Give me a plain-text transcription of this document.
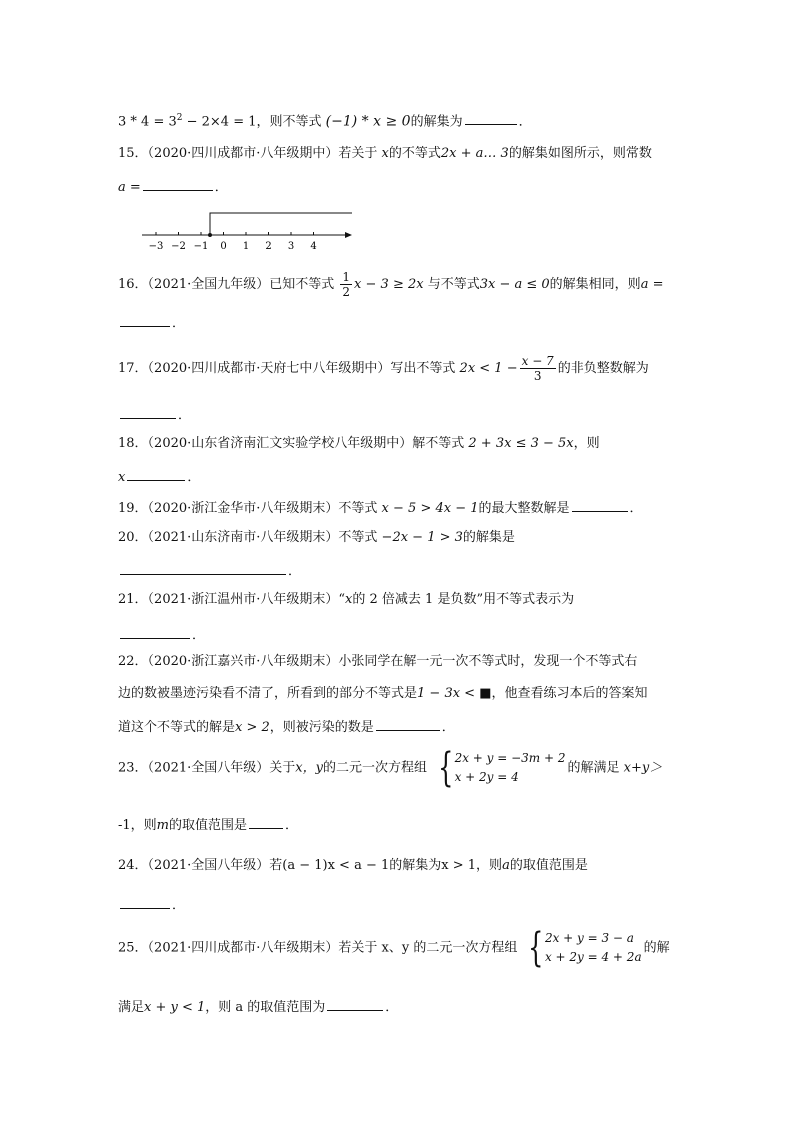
$3 * 4 = 3^2 - 2\times 4 = 1$，则不等式 (−1) * x ≥ 0的解集为	．
15．（2020·四川成都市·八年级期中）若关于 x的不等式2x + a… 3的解集如图所示，则常数
a =	．
−3 −2 −1 0 1 2 3 4
16．（2021·全国九年级）已知不等式 $\frac{1}{2}$ x − 3 ≥ 2x 与不等式3x − a ≤ 0的解集相同，则a =
．
17．（2020·四川成都市·天府七中八年级期中）写出不等式 $2x < 1 - \frac{x - 7}{3}$ 的非负整数解为
．
18．（2020·山东省济南汇文实验学校八年级期中）解不等式 2 + 3x ≤ 3 − 5x，则
x	．
19．（2020·浙江金华市·八年级期末）不等式 x − 5 > 4x − 1的最大整数解是	．
20．（2021·山东济南市·八年级期末）不等式 −2x − 1 > 3的解集是
．
21．（2021·浙江温州市·八年级期末）“x的 2 倍减去 1 是负数”用不等式表示为
．
22．（2020·浙江嘉兴市·八年级期末）小张同学在解一元一次不等式时，发现一个不等式右
边的数被墨迹污染看不清了，所看到的部分不等式是1 − 3x < ■，他查看练习本后的答案知
道这个不等式的解是x > 2，则被污染的数是	．
23．（2021·全国八年级）关于x，y的二元一次方程组 { 2x + y = −3m + 2
x + 2y = 4
的解满足 x+y＞
-1，则m的取值范围是	．
24．（2021·全国八年级）若(a − 1)x < a − 1的解集为x > 1，则a的取值范围是
．
25．（2021·四川成都市·八年级期末）若关于 x、y 的二元一次方程组 { 2x + y = 3 − a
x + 2y = 4 + 2a
的解
满足x + y < 1，则 a 的取值范围为	．
